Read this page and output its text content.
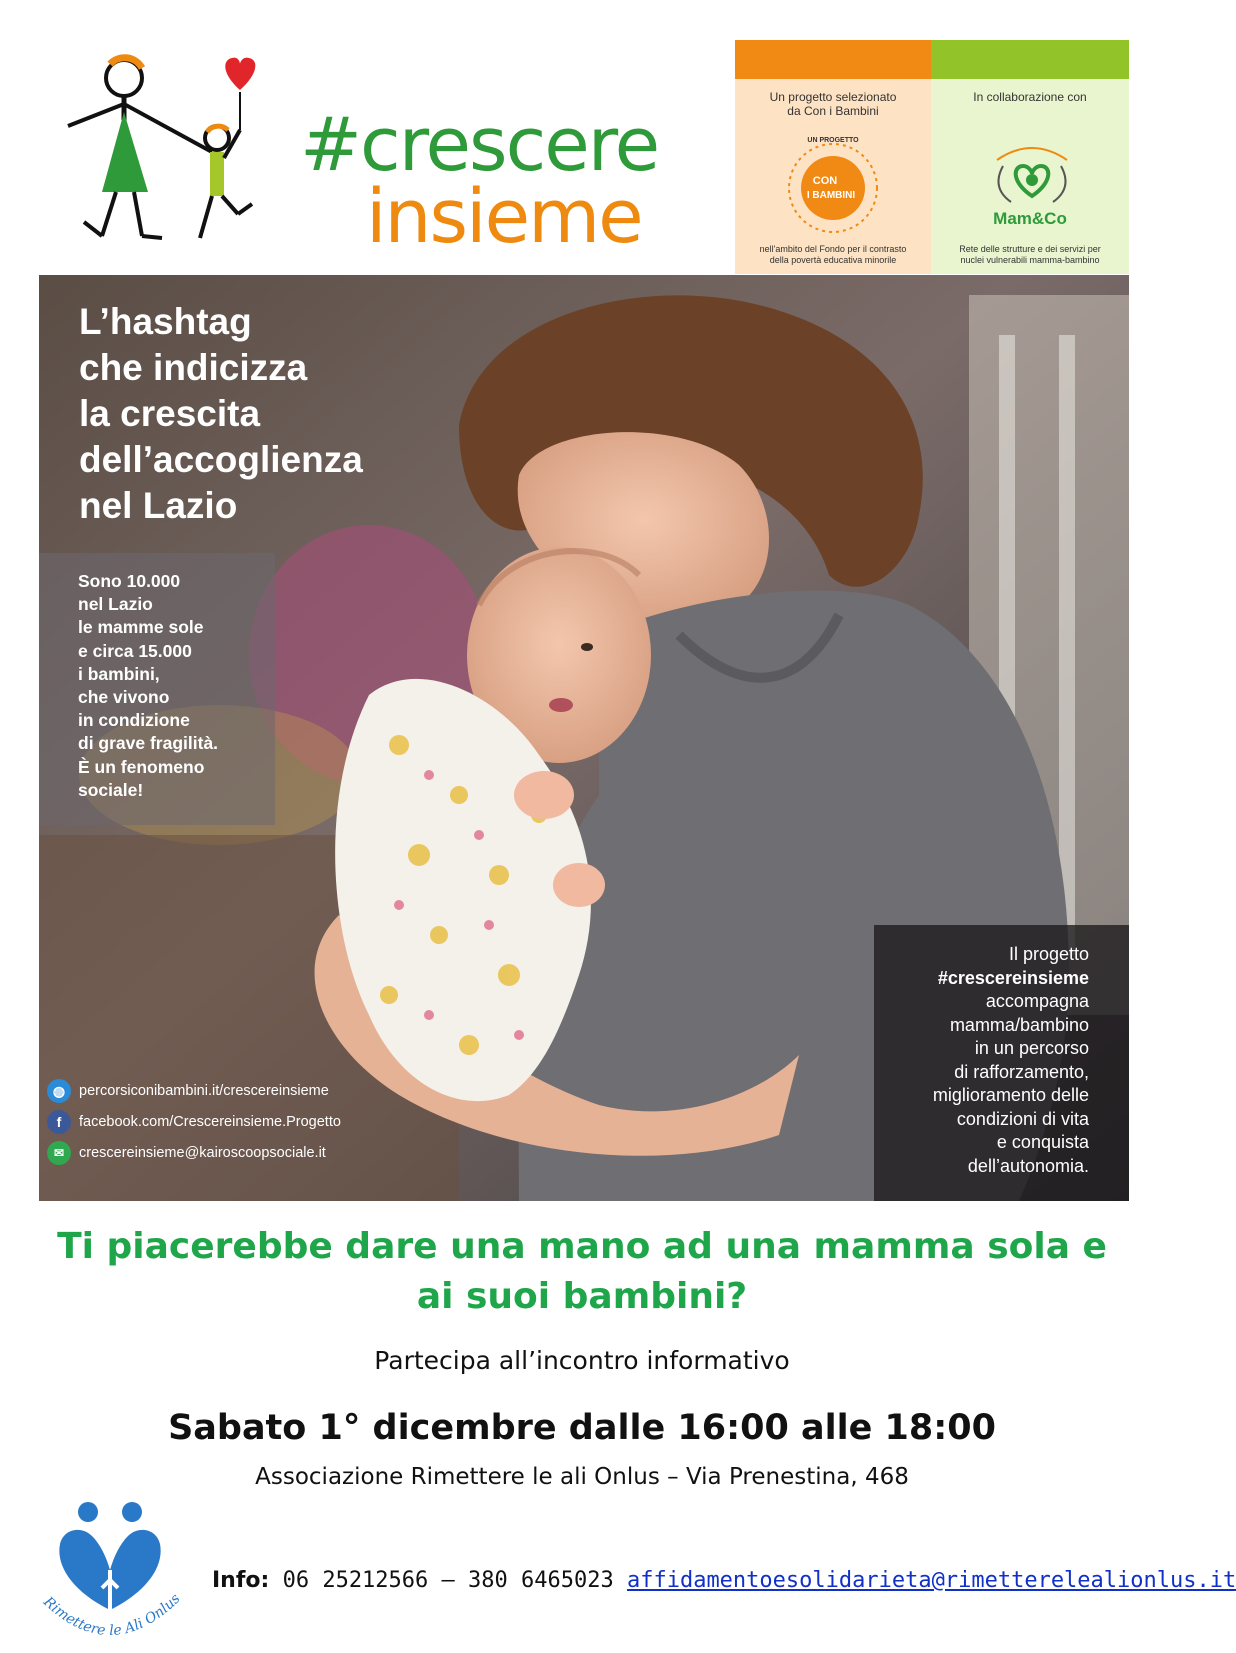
#crescere
insieme
Un progetto selezionato
da Con i Bambini
UN PROGETTO
CON
I BAMBINI
nell'ambito del Fondo per il contrasto
della povertà educativa minorile
In collaborazione con
Mam&Co
Rete delle strutture e dei servizi per
nuclei vulnerabili mamma-bambino
L’hashtag
che indicizza
la crescita
dell’accoglienza
nel Lazio
Sono 10.000
nel Lazio
le mamme sole
e circa 15.000
i bambini,
che vivono
in condizione
di grave fragilità.
È un fenomeno
sociale!
Il progetto
#crescereinsieme
accompagna
mamma/bambino
in un percorso
di rafforzamento,
miglioramento delle
condizioni di vita
e conquista
dell’autonomia.
◍ percorsiconibambini.it/crescereinsieme
f	facebook.com/Crescereinsieme.Progetto
✉	crescereinsieme@kairoscoopsociale.it
Ti piacerebbe dare una mano ad una mamma sola e ai suoi bambini?
Partecipa all’incontro informativo
Sabato 1° dicembre dalle 16:00 alle 18:00
Associazione Rimettere le ali Onlus – Via Prenestina, 468
Rimettere le Ali Onlus
Info: 06 25212566 – 380 6465023 affidamentoesolidarieta@rimetterelealionlus.it
